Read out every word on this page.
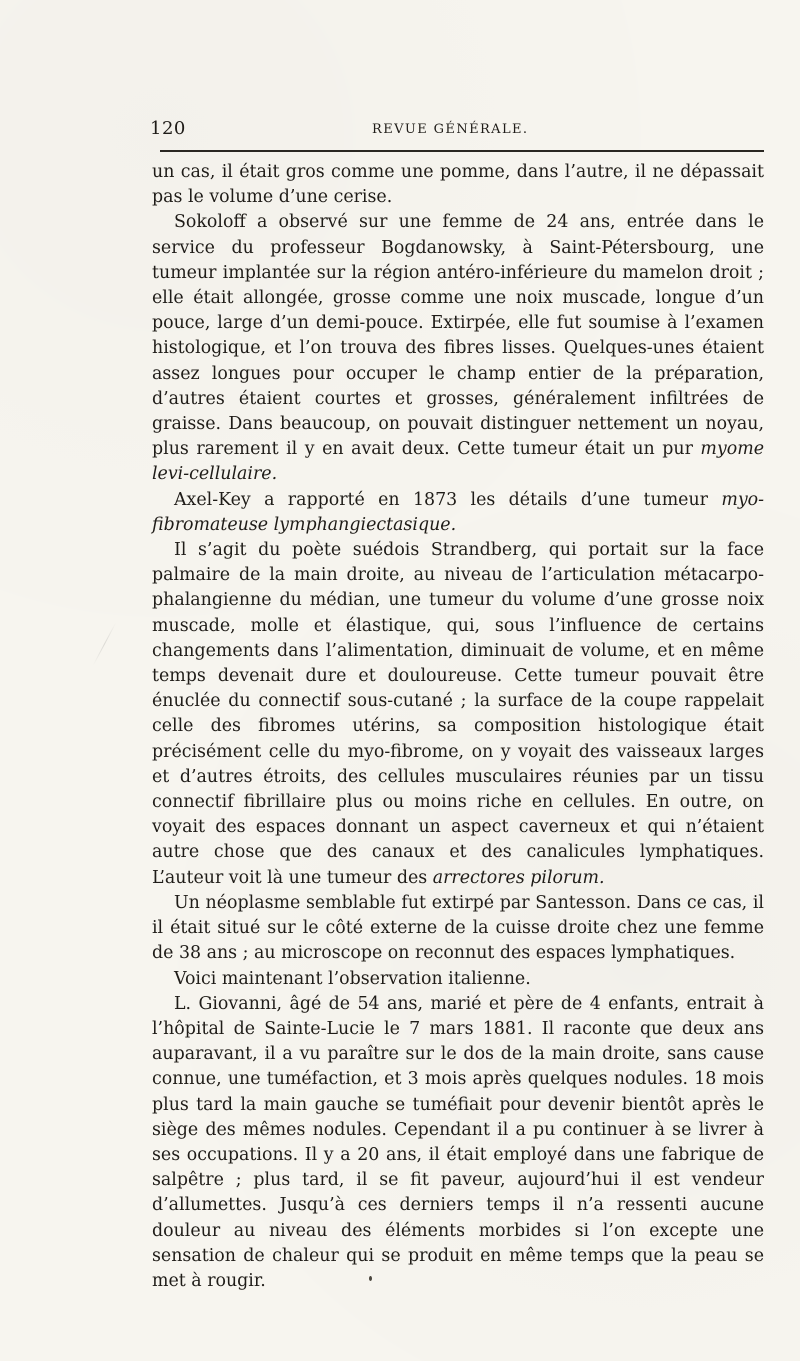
120	REVUE GÉNÉRALE.

un cas, il était gros comme une pomme, dans l’autre, il ne dépassait pas le volume d’une cerise.

Sokoloff a observé sur une femme de 24 ans, entrée dans le service du professeur Bogdanowsky, à Saint-Pétersbourg, une tumeur implantée sur la région antéro-inférieure du mamelon droit ; elle était allongée, grosse comme une noix muscade, longue d’un pouce, large d’un demi-pouce. Extirpée, elle fut soumise à l’examen histologique, et l’on trouva des fibres lisses. Quelques-unes étaient assez longues pour occuper le champ entier de la préparation, d’autres étaient courtes et grosses, généralement infiltrées de graisse. Dans beaucoup, on pouvait distinguer nettement un noyau, plus rarement il y en avait deux. Cette tumeur était un pur myome levi-cellulaire.

Axel-Key a rapporté en 1873 les détails d’une tumeur myo-fibromateuse lymphangiectasique.

Il s’agit du poète suédois Strandberg, qui portait sur la face palmaire de la main droite, au niveau de l’articulation métacarpo-phalangienne du médian, une tumeur du volume d’une grosse noix muscade, molle et élastique, qui, sous l’influence de certains changements dans l’alimentation, diminuait de volume, et en même temps devenait dure et douloureuse. Cette tumeur pouvait être énuclée du connectif sous-cutané ; la surface de la coupe rappelait celle des fibromes utérins, sa composition histologique était précisément celle du myo-fibrome, on y voyait des vaisseaux larges et d’autres étroits, des cellules musculaires réunies par un tissu connectif fibrillaire plus ou moins riche en cellules. En outre, on voyait des espaces donnant un aspect caverneux et qui n’étaient autre chose que des canaux et des canalicules lymphatiques. L’auteur voit là une tumeur des arrectores pilorum.

Un néoplasme semblable fut extirpé par Santesson. Dans ce cas, il il était situé sur le côté externe de la cuisse droite chez une femme de 38 ans ; au microscope on reconnut des espaces lymphatiques.

Voici maintenant l’observation italienne.

L. Giovanni, âgé de 54 ans, marié et père de 4 enfants, entrait à l’hôpital de Sainte-Lucie le 7 mars 1881. Il raconte que deux ans auparavant, il a vu paraître sur le dos de la main droite, sans cause connue, une tuméfaction, et 3 mois après quelques nodules. 18 mois plus tard la main gauche se tuméfiait pour devenir bientôt après le siège des mêmes nodules. Cependant il a pu continuer à se livrer à ses occupations. Il y a 20 ans, il était employé dans une fabrique de salpêtre ; plus tard, il se fit paveur, aujourd’hui il est vendeur d’allumettes. Jusqu’à ces derniers temps il n’a ressenti aucune douleur au niveau des éléments morbides si l’on excepte une sensation de chaleur qui se produit en même temps que la peau se met à rougir.
